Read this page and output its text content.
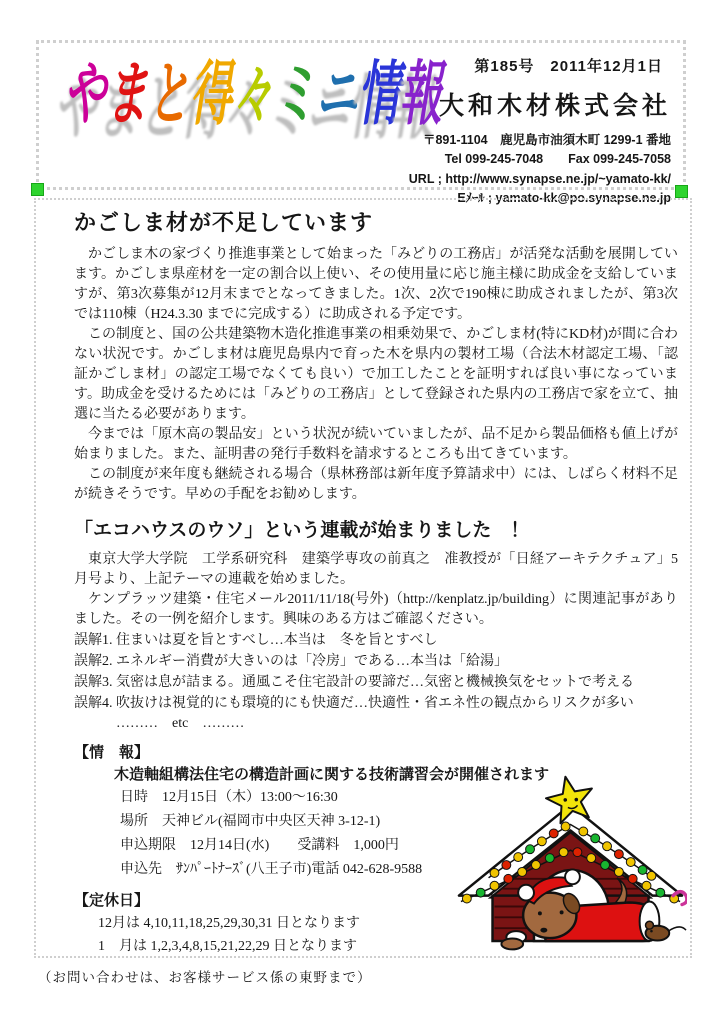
やまと得々ミニ情報	第185号　2011年12月1日
大和木材株式会社
〒891-1104　鹿児島市油須木町 1299-1 番地
Tel 099-245-7048　　Fax 099-245-7058
URL ; http://www.synapse.ne.jp/~yamato-kk/
Eﾒｰﾙ ; yamato-kk@po.synapse.ne.jp
かごしま材が不足しています

かごしま木の家づくり推進事業として始まった「みどりの工務店」が活発な活動を展開しています。かごしま県産材を一定の割合以上使い、その使用量に応じ施主様に助成金を支給していますが、第3次募集が12月末までとなってきました。1次、2次で190棟に助成されましたが、第3次では110棟（H24.3.30 までに完成する）に助成される予定です。

この制度と、国の公共建築物木造化推進事業の相乗効果で、かごしま材(特にKD材)が間に合わない状況です。かごしま材は鹿児島県内で育った木を県内の製材工場（合法木材認定工場、「認証かごしま材」の認定工場でなくても良い）で加工したことを証明すれば良い事になっています。助成金を受けるためには「みどりの工務店」として登録された県内の工務店で家を立て、抽選に当たる必要があります。

今までは「原木高の製品安」という状況が続いていましたが、品不足から製品価格も値上げが始まりました。また、証明書の発行手数料を請求するところも出てきています。

この制度が来年度も継続される場合（県林務部は新年度予算請求中）には、しばらく材料不足が続きそうです。早めの手配をお勧めします。

「エコハウスのウソ」という連載が始まりました　！

東京大学大学院　工学系研究科　建築学専攻の前真之　准教授が「日経アーキテクチュア」5月号より、上記テーマの連載を始めました。

ケンプラッツ建築・住宅メール2011/11/18(号外)（http://kenplatz.jp/building）に関連記事がありました。その一例を紹介します。興味のある方はご確認ください。

誤解1. 住まいは夏を旨とすべし…本当は　冬を旨とすべし
誤解2. エネルギー消費が大きいのは「冷房」である…本当は「給湯」
誤解3. 気密は息が詰まる。通風こそ住宅設計の要諦だ…気密と機械換気をセットで考える
誤解4. 吹抜けは視覚的にも環境的にも快適だ…快適性・省エネ性の観点からリスクが多い
………　etc　………
【情　報】
木造軸組構法住宅の構造計画に関する技術講習会が開催されます
日時　12月15日（木）13:00～16:30
場所　天神ビル(福岡市中央区天神 3-12-1)
申込期限　12月14日(水)　　受講料　1,000円
申込先　ｻﾝﾊﾟｰﾄﾅｰｽﾞ(八王子市)電話 042-628-9588
【定休日】
12月は 4,10,11,18,25,29,30,31 日となります
1　月は 1,2,3,4,8,15,21,22,29 日となります
（お問い合わせは、お客様サービス係の東野まで）
